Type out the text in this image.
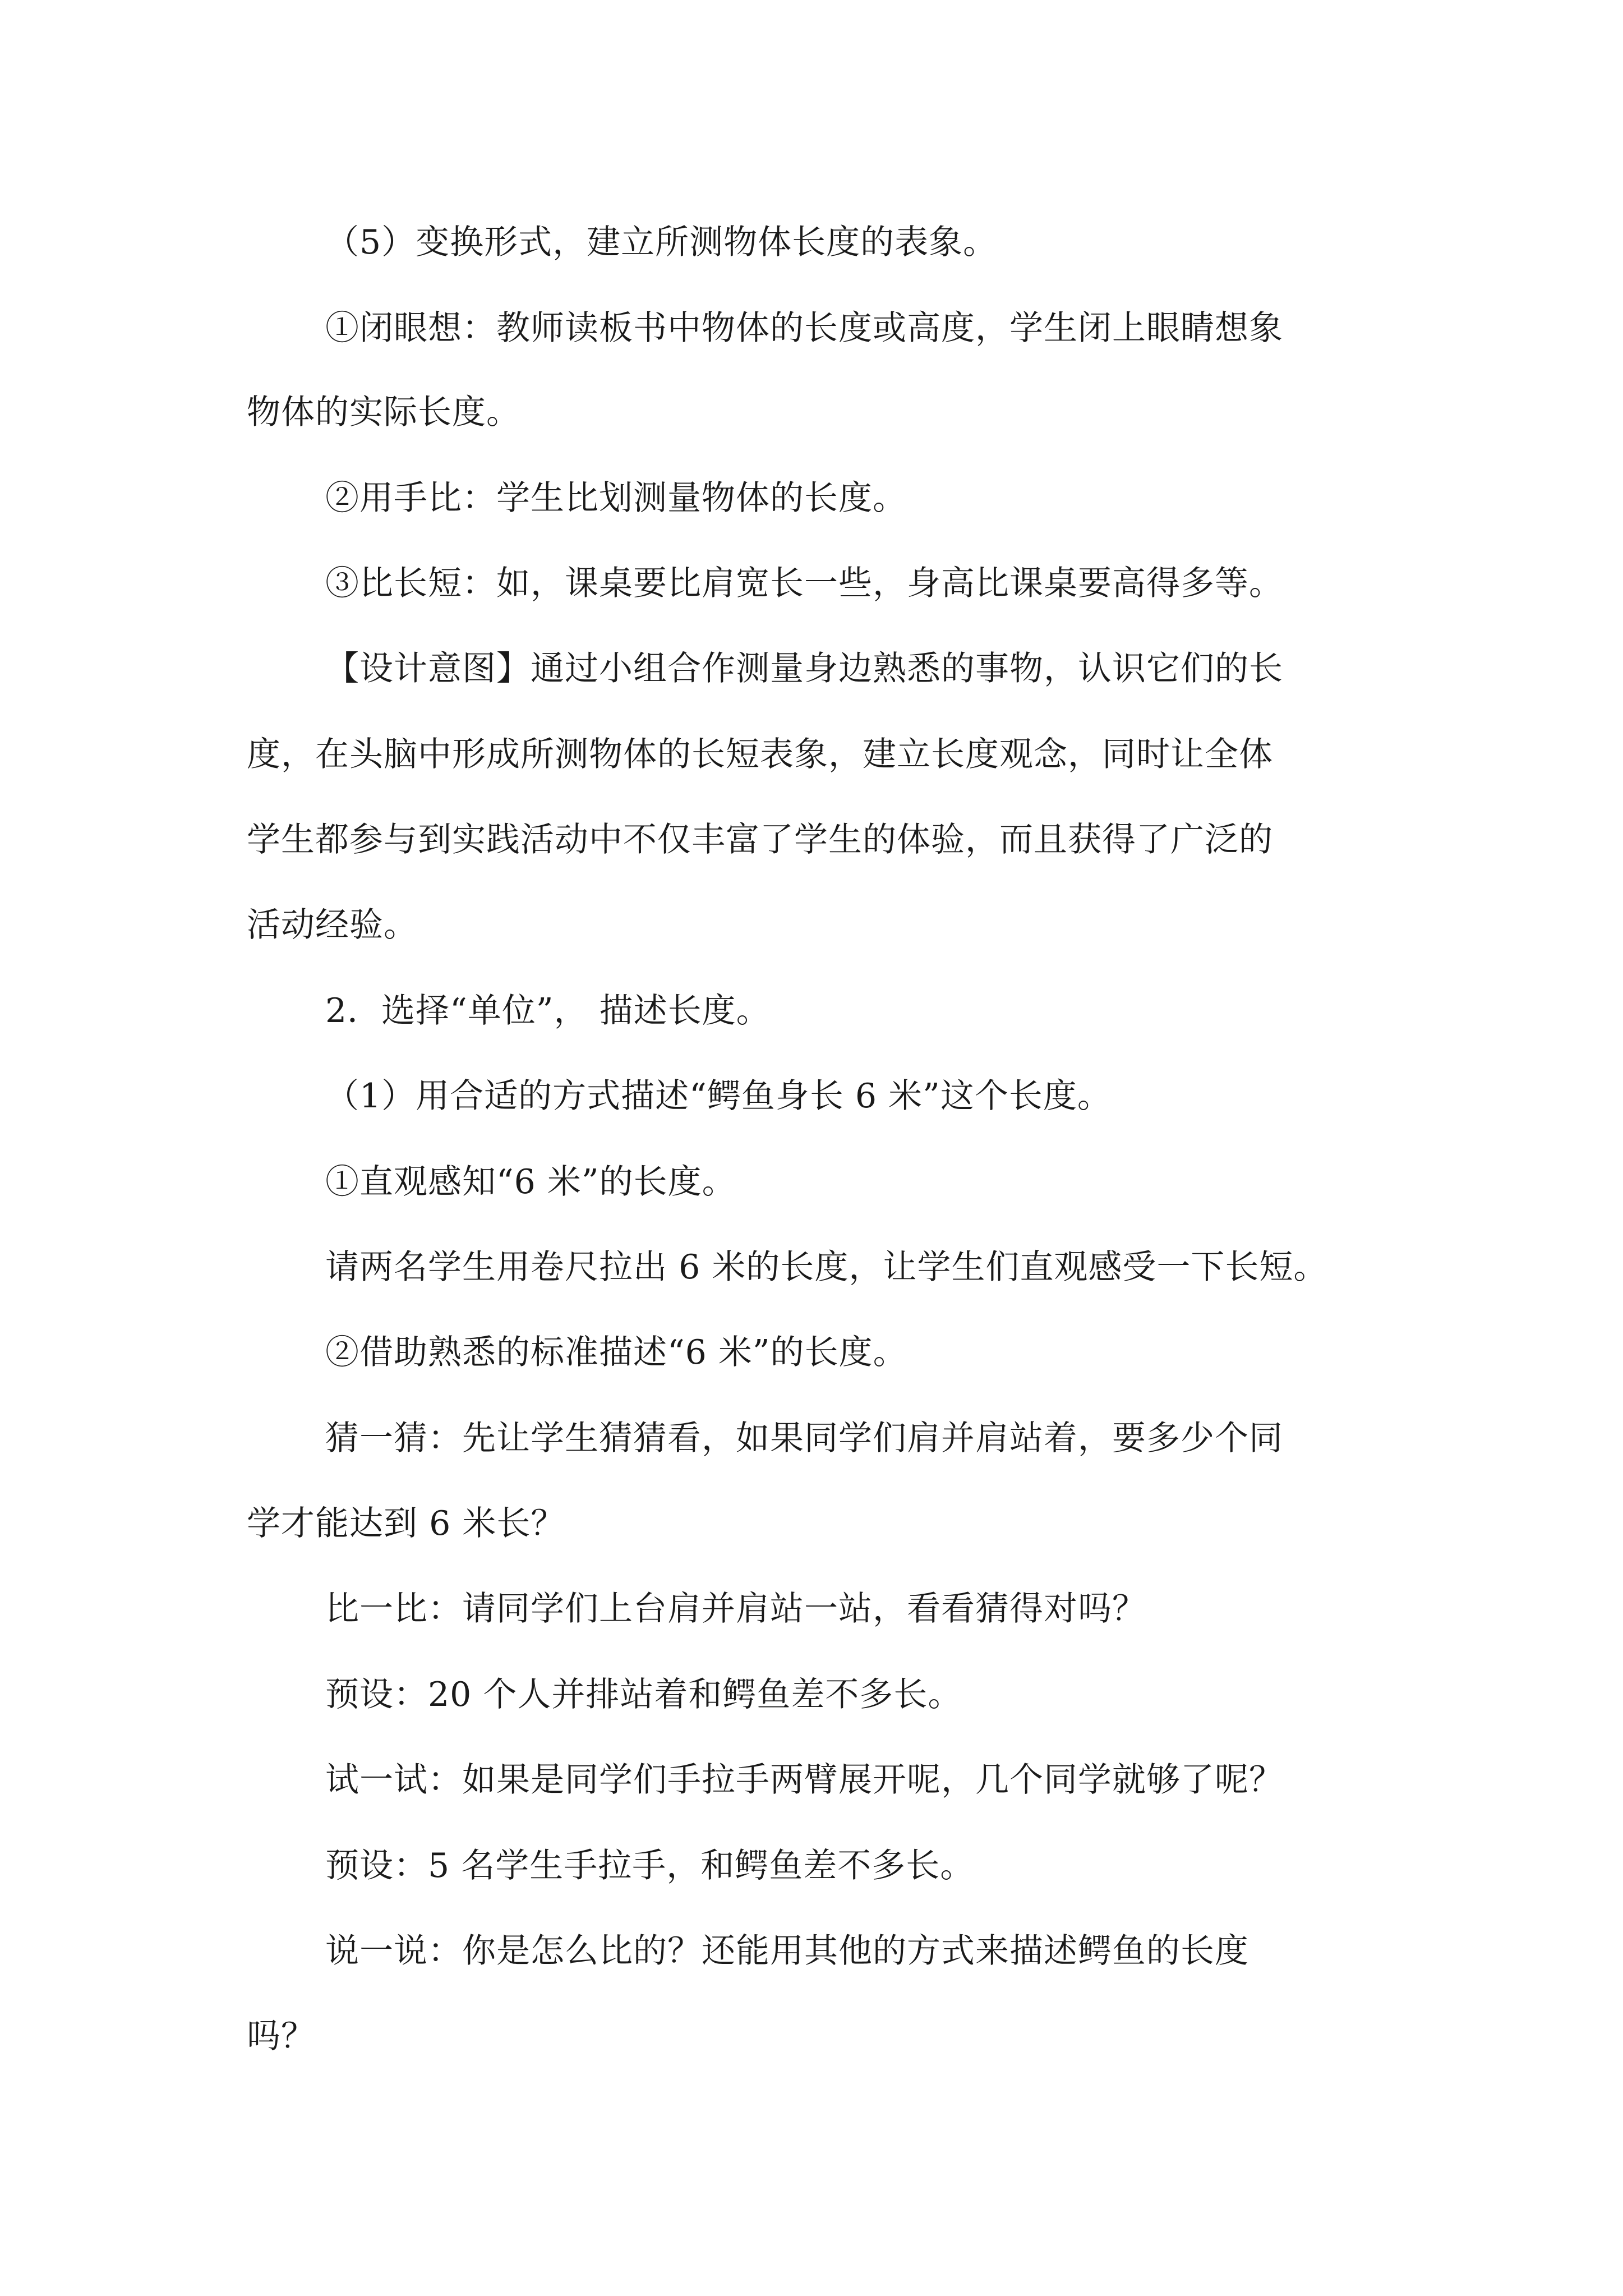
（5）变换形式，建立所测物体长度的表象。

①闭眼想：教师读板书中物体的长度或高度，学生闭上眼睛想象

物体的实际长度。

②用手比：学生比划测量物体的长度。

③比长短：如，课桌要比肩宽长一些，身高比课桌要高得多等。

【设计意图】通过小组合作测量身边熟悉的事物，认识它们的长

度，在头脑中形成所测物体的长短表象，建立长度观念，同时让全体

学生都参与到实践活动中不仅丰富了学生的体验，而且获得了广泛的

活动经验。

2．选择“单位”， 描述长度。

（1）用合适的方式描述“鳄鱼身长 6 米”这个长度。

①直观感知“6 米”的长度。

请两名学生用卷尺拉出 6 米的长度，让学生们直观感受一下长短。

②借助熟悉的标准描述“6 米”的长度。

猜一猜：先让学生猜猜看，如果同学们肩并肩站着，要多少个同

学才能达到 6 米长？

比一比：请同学们上台肩并肩站一站，看看猜得对吗？

预设：20 个人并排站着和鳄鱼差不多长。

试一试：如果是同学们手拉手两臂展开呢，几个同学就够了呢？

预设：5 名学生手拉手，和鳄鱼差不多长。

说一说：你是怎么比的？还能用其他的方式来描述鳄鱼的长度

吗？
